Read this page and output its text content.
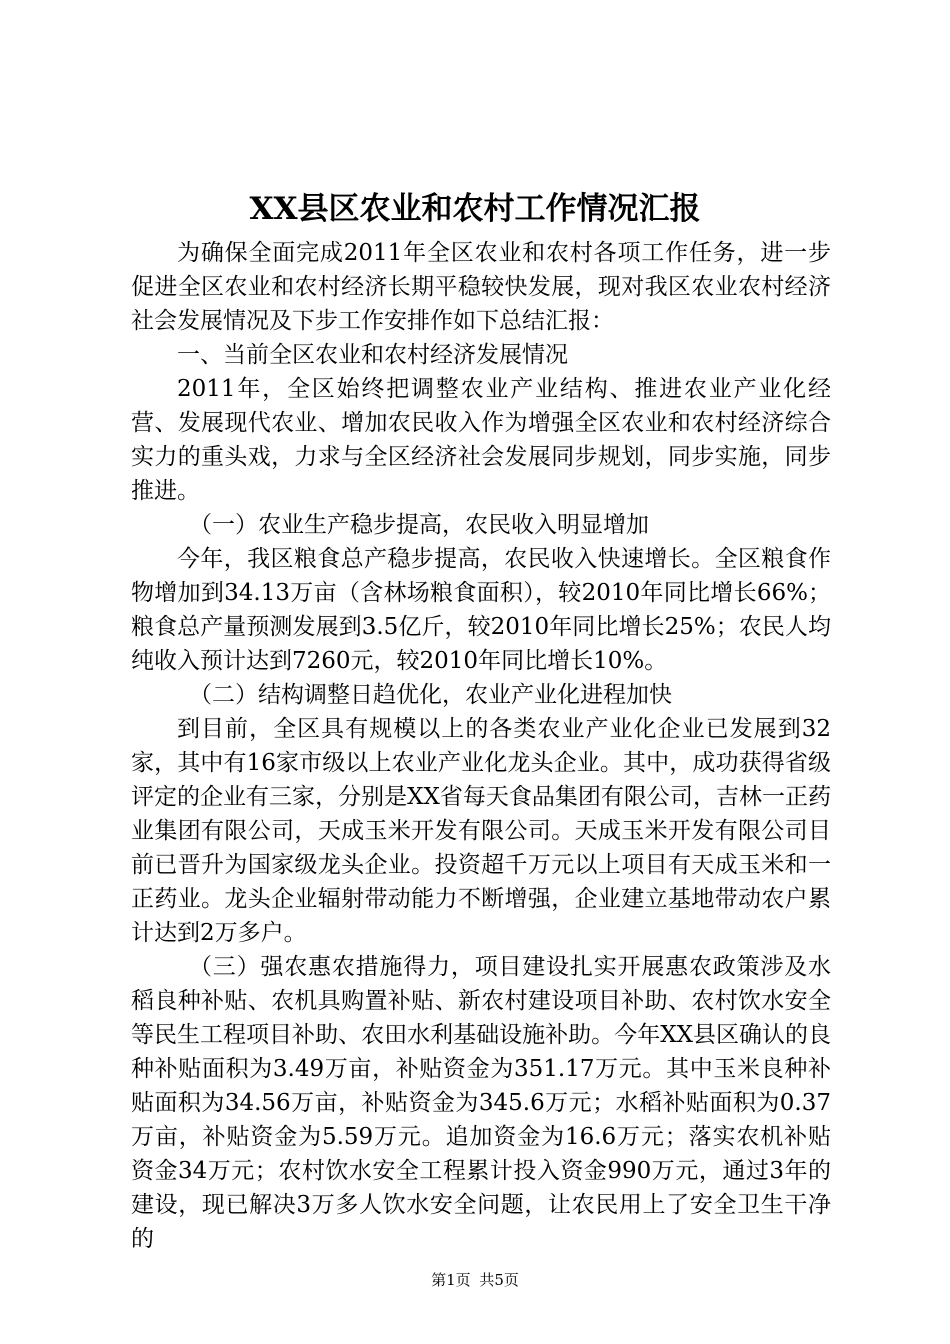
XX县区农业和农村工作情况汇报

为确保全面完成2011年全区农业和农村各项工作任务，进一步促进全区农业和农村经济长期平稳较快发展，现对我区农业农村经济社会发展情况及下步工作安排作如下总结汇报：

一、当前全区农业和农村经济发展情况

2011年，全区始终把调整农业产业结构、推进农业产业化经营、发展现代农业、增加农民收入作为增强全区农业和农村经济综合实力的重头戏，力求与全区经济社会发展同步规划，同步实施，同步推进。

（一）农业生产稳步提高，农民收入明显增加

今年，我区粮食总产稳步提高，农民收入快速增长。全区粮食作物增加到34.13万亩（含林场粮食面积），较2010年同比增长66%；粮食总产量预测发展到3.5亿斤，较2010年同比增长25%；农民人均纯收入预计达到7260元，较2010年同比增长10%。

（二）结构调整日趋优化，农业产业化进程加快

到目前，全区具有规模以上的各类农业产业化企业已发展到32家，其中有16家市级以上农业产业化龙头企业。其中，成功获得省级评定的企业有三家，分别是XX省每天食品集团有限公司，吉林一正药业集团有限公司，天成玉米开发有限公司。天成玉米开发有限公司目前已晋升为国家级龙头企业。投资超千万元以上项目有天成玉米和一正药业。龙头企业辐射带动能力不断增强，企业建立基地带动农户累计达到2万多户。

（三）强农惠农措施得力，项目建设扎实开展惠农政策涉及水稻良种补贴、农机具购置补贴、新农村建设项目补助、农村饮水安全等民生工程项目补助、农田水利基础设施补助。今年XX县区确认的良种补贴面积为3.49万亩，补贴资金为351.17万元。其中玉米良种补贴面积为34.56万亩，补贴资金为345.6万元；水稻补贴面积为0.37万亩，补贴资金为5.59万元。追加资金为16.6万元；落实农机补贴资金34万元；农村饮水安全工程累计投入资金990万元，通过3年的建设，现已解决3万多人饮水安全问题，让农民用上了安全卫生干净的

第1页 共5页
